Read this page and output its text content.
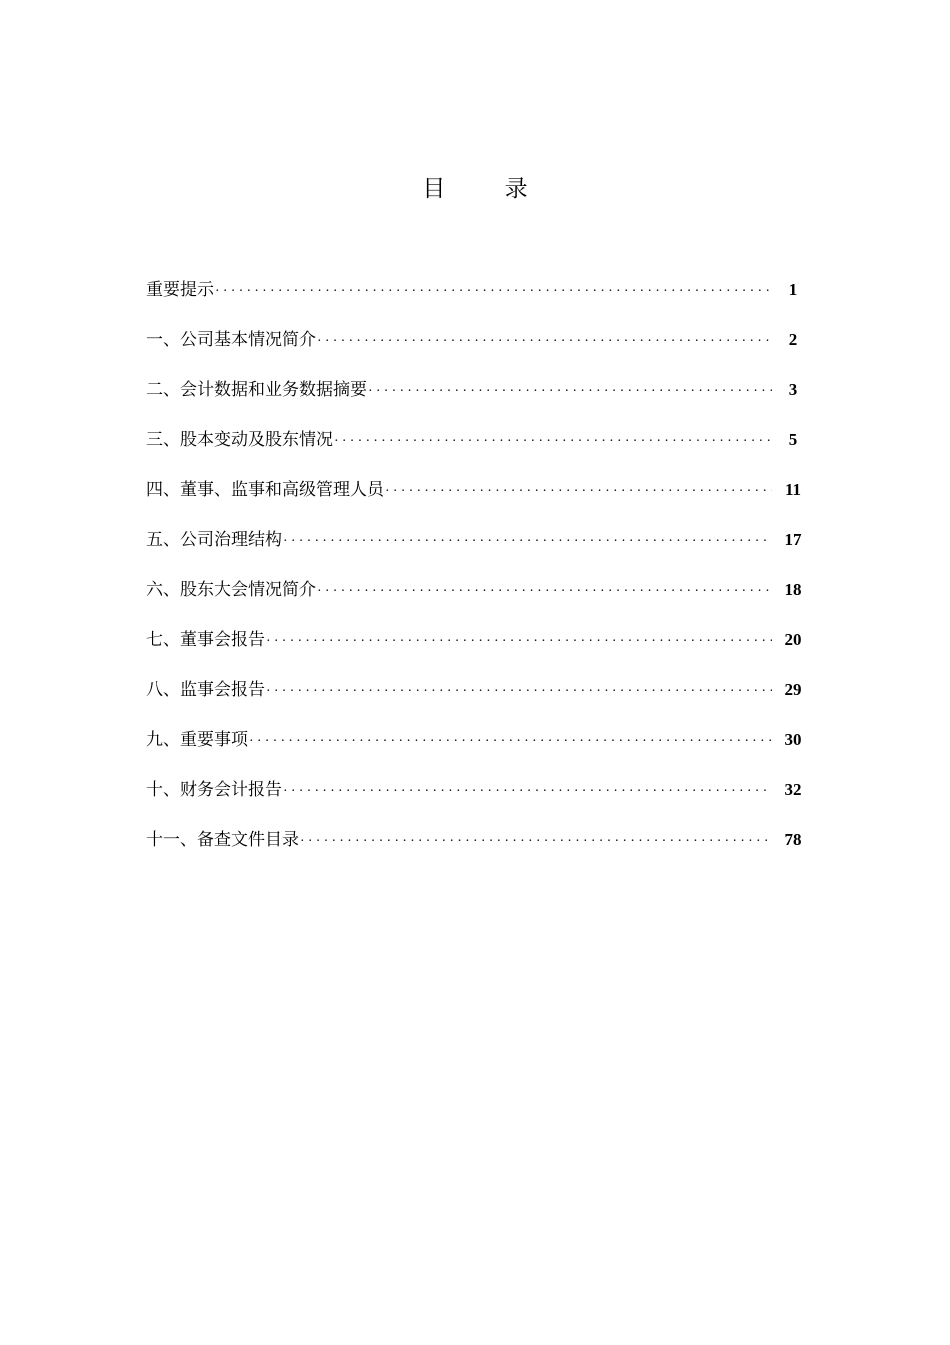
目 录
重要提示 ·····	1
一、公司基本情况简介 ·····	2
二、会计数据和业务数据摘要 ·····	3
三、股本变动及股东情况 ·····	5
四、董事、监事和高级管理人员 ·····	11
五、公司治理结构 ·····	17
六、股东大会情况简介 ·····	18
七、董事会报告 ·····	20
八、监事会报告 ·····	29
九、重要事项 ·····	30
十、财务会计报告 ·····	32
十一、备查文件目录 ·····	78
